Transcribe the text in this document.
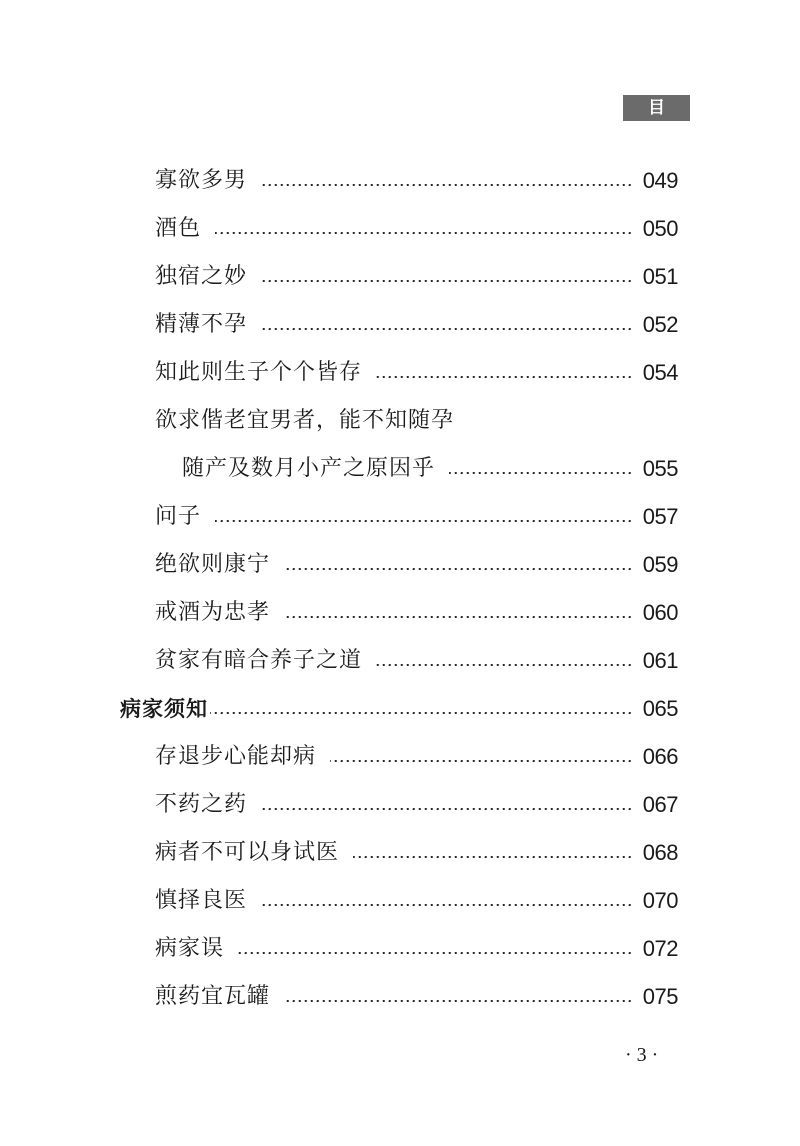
目 录
寡欲多男	049
酒色	050
独宿之妙	051
精薄不孕	052
知此则生子个个皆存	054
欲求偕老宜男者，能不知随孕
随产及数月小产之原因乎	055
问子	057
绝欲则康宁	059
戒酒为忠孝	060
贫家有暗合养子之道	061
病家须知	065
存退步心能却病	066
不药之药	067
病者不可以身试医	068
慎择良医	070
病家误	072
煎药宜瓦罐	075
· 3 ·
